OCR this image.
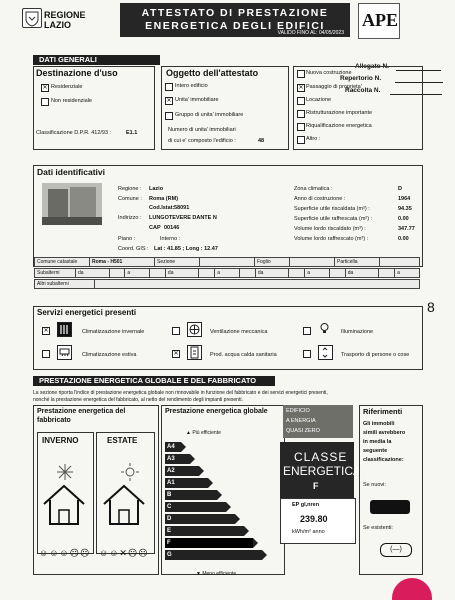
REGIONE
LAZIO
ATTESTATO DI PRESTAZIONE
ENERGETICA DEGLI EDIFICI
VALIDO FINO AL: 04/05/2023
APE
DATI GENERALI
Allegato N.
Repertorio N.
Raccolta N.
Destinazione d'uso
✕ Residenziale
Non residenziale
Classificazione D.P.R. 412/93 :	E1.1
Oggetto dell'attestato
Intero edificio
✕ Unita' immobiliare
Gruppo di unita' immobiliare
Numero di unita' immobiliari
di cui e' composto l'edificio :	48
Nuova costruzione
✕ Passaggio di proprieta'
Locazione
Ristrutturazione importante
Riqualificazione energetica
Altro :
Dati identificativi
Regione : Lazio
Comune : Roma (RM)
Cod.Istat: 58091
Indirizzo : LUNGOTEVERE DANTE N
CAP 00146
Piano :	Interno :
Coord. GIS : Lat : 41.85 ; Long : 12.47
Zona climatica :	D
Anno di costruzione :	1964
Superficie utile riscaldata (m²) :	94.35
Superficie utile raffrescata (m²) :	0.00
Volume lordo riscaldato (m³) :	347.77
Volume lordo raffrescato (m³) :	0.00
Comune catastale	Roma - H501	Sezione		Foglio		Particella	
Subalterni	da		a		da		a		da		a		da		a
Altri subalterni	
8
Servizi energetici presenti
✕	Climatizzazione invernale
Climatizzazione estiva
Ventilazione meccanica
✕	Prod. acqua calda sanitaria
Illuminazione
Trasporto di persone o cose
PRESTAZIONE ENERGETICA GLOBALE E DEL FABBRICATO
La sezione riporta l'indice di prestazione energetica globale non rinnovabile in funzione del fabbricato e dei servizi energetici presenti,
nonché la prestazione energetica del fabbricato, al netto del rendimento degli impianti presenti.
Prestazione energetica del
fabbricato
INVERNO	ESTATE
☺☺☺☹☹ ☺☺✕☹☹
Prestazione energetica globale
▲ Più efficiente
A4
A3
A2
A1
B
C
D
E
F
G
▼ Meno efficiente
EDIFICIO
A ENERGIA
QUASI ZERO
CLASSE
ENERGETICA
F
EP gl,nren
239.80
kWh/m² anno
Riferimenti
Gli immobili
simili avrebbero
in media la
seguente
classificazione:
Se nuovi:
Se esistenti:
(—)
